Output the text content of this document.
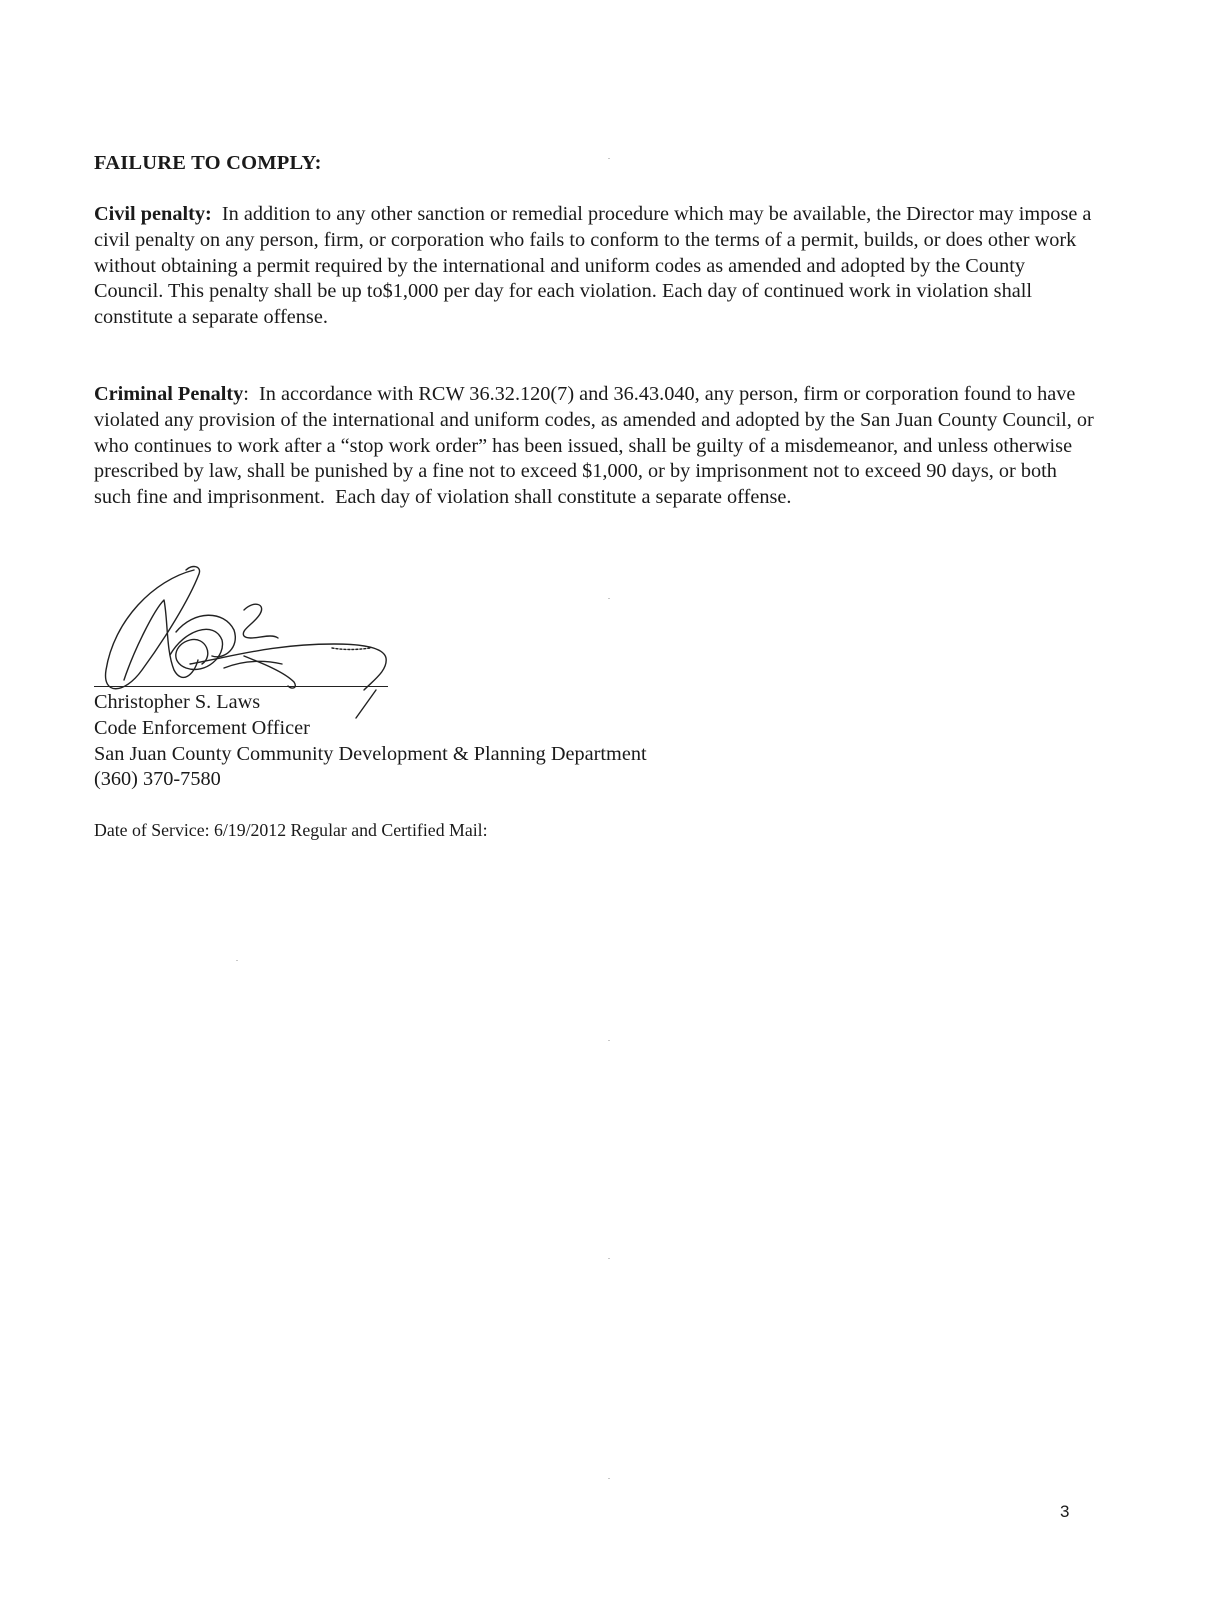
FAILURE TO COMPLY:
Civil penalty:  In addition to any other sanction or remedial procedure which may be available, the Director may impose a civil penalty on any person, firm, or corporation who fails to conform to the terms of a permit, builds, or does other work without obtaining a permit required by the international and uniform codes as amended and adopted by the County Council. This penalty shall be up to$1,000 per day for each violation. Each day of continued work in violation shall constitute a separate offense.
Criminal Penalty:  In accordance with RCW 36.32.120(7) and 36.43.040, any person, firm or corporation found to have violated any provision of the international and uniform codes, as amended and adopted by the San Juan County Council, or who continues to work after a “stop work order” has been issued, shall be guilty of a misdemeanor, and unless otherwise prescribed by law, shall be punished by a fine not to exceed $1,000, or by imprisonment not to exceed 90 days, or both such fine and imprisonment.  Each day of violation shall constitute a separate offense.
Christopher S. Laws
Code Enforcement Officer
San Juan County Community Development & Planning Department
(360) 370-7580
Date of Service: 6/19/2012 Regular and Certified Mail:
3
